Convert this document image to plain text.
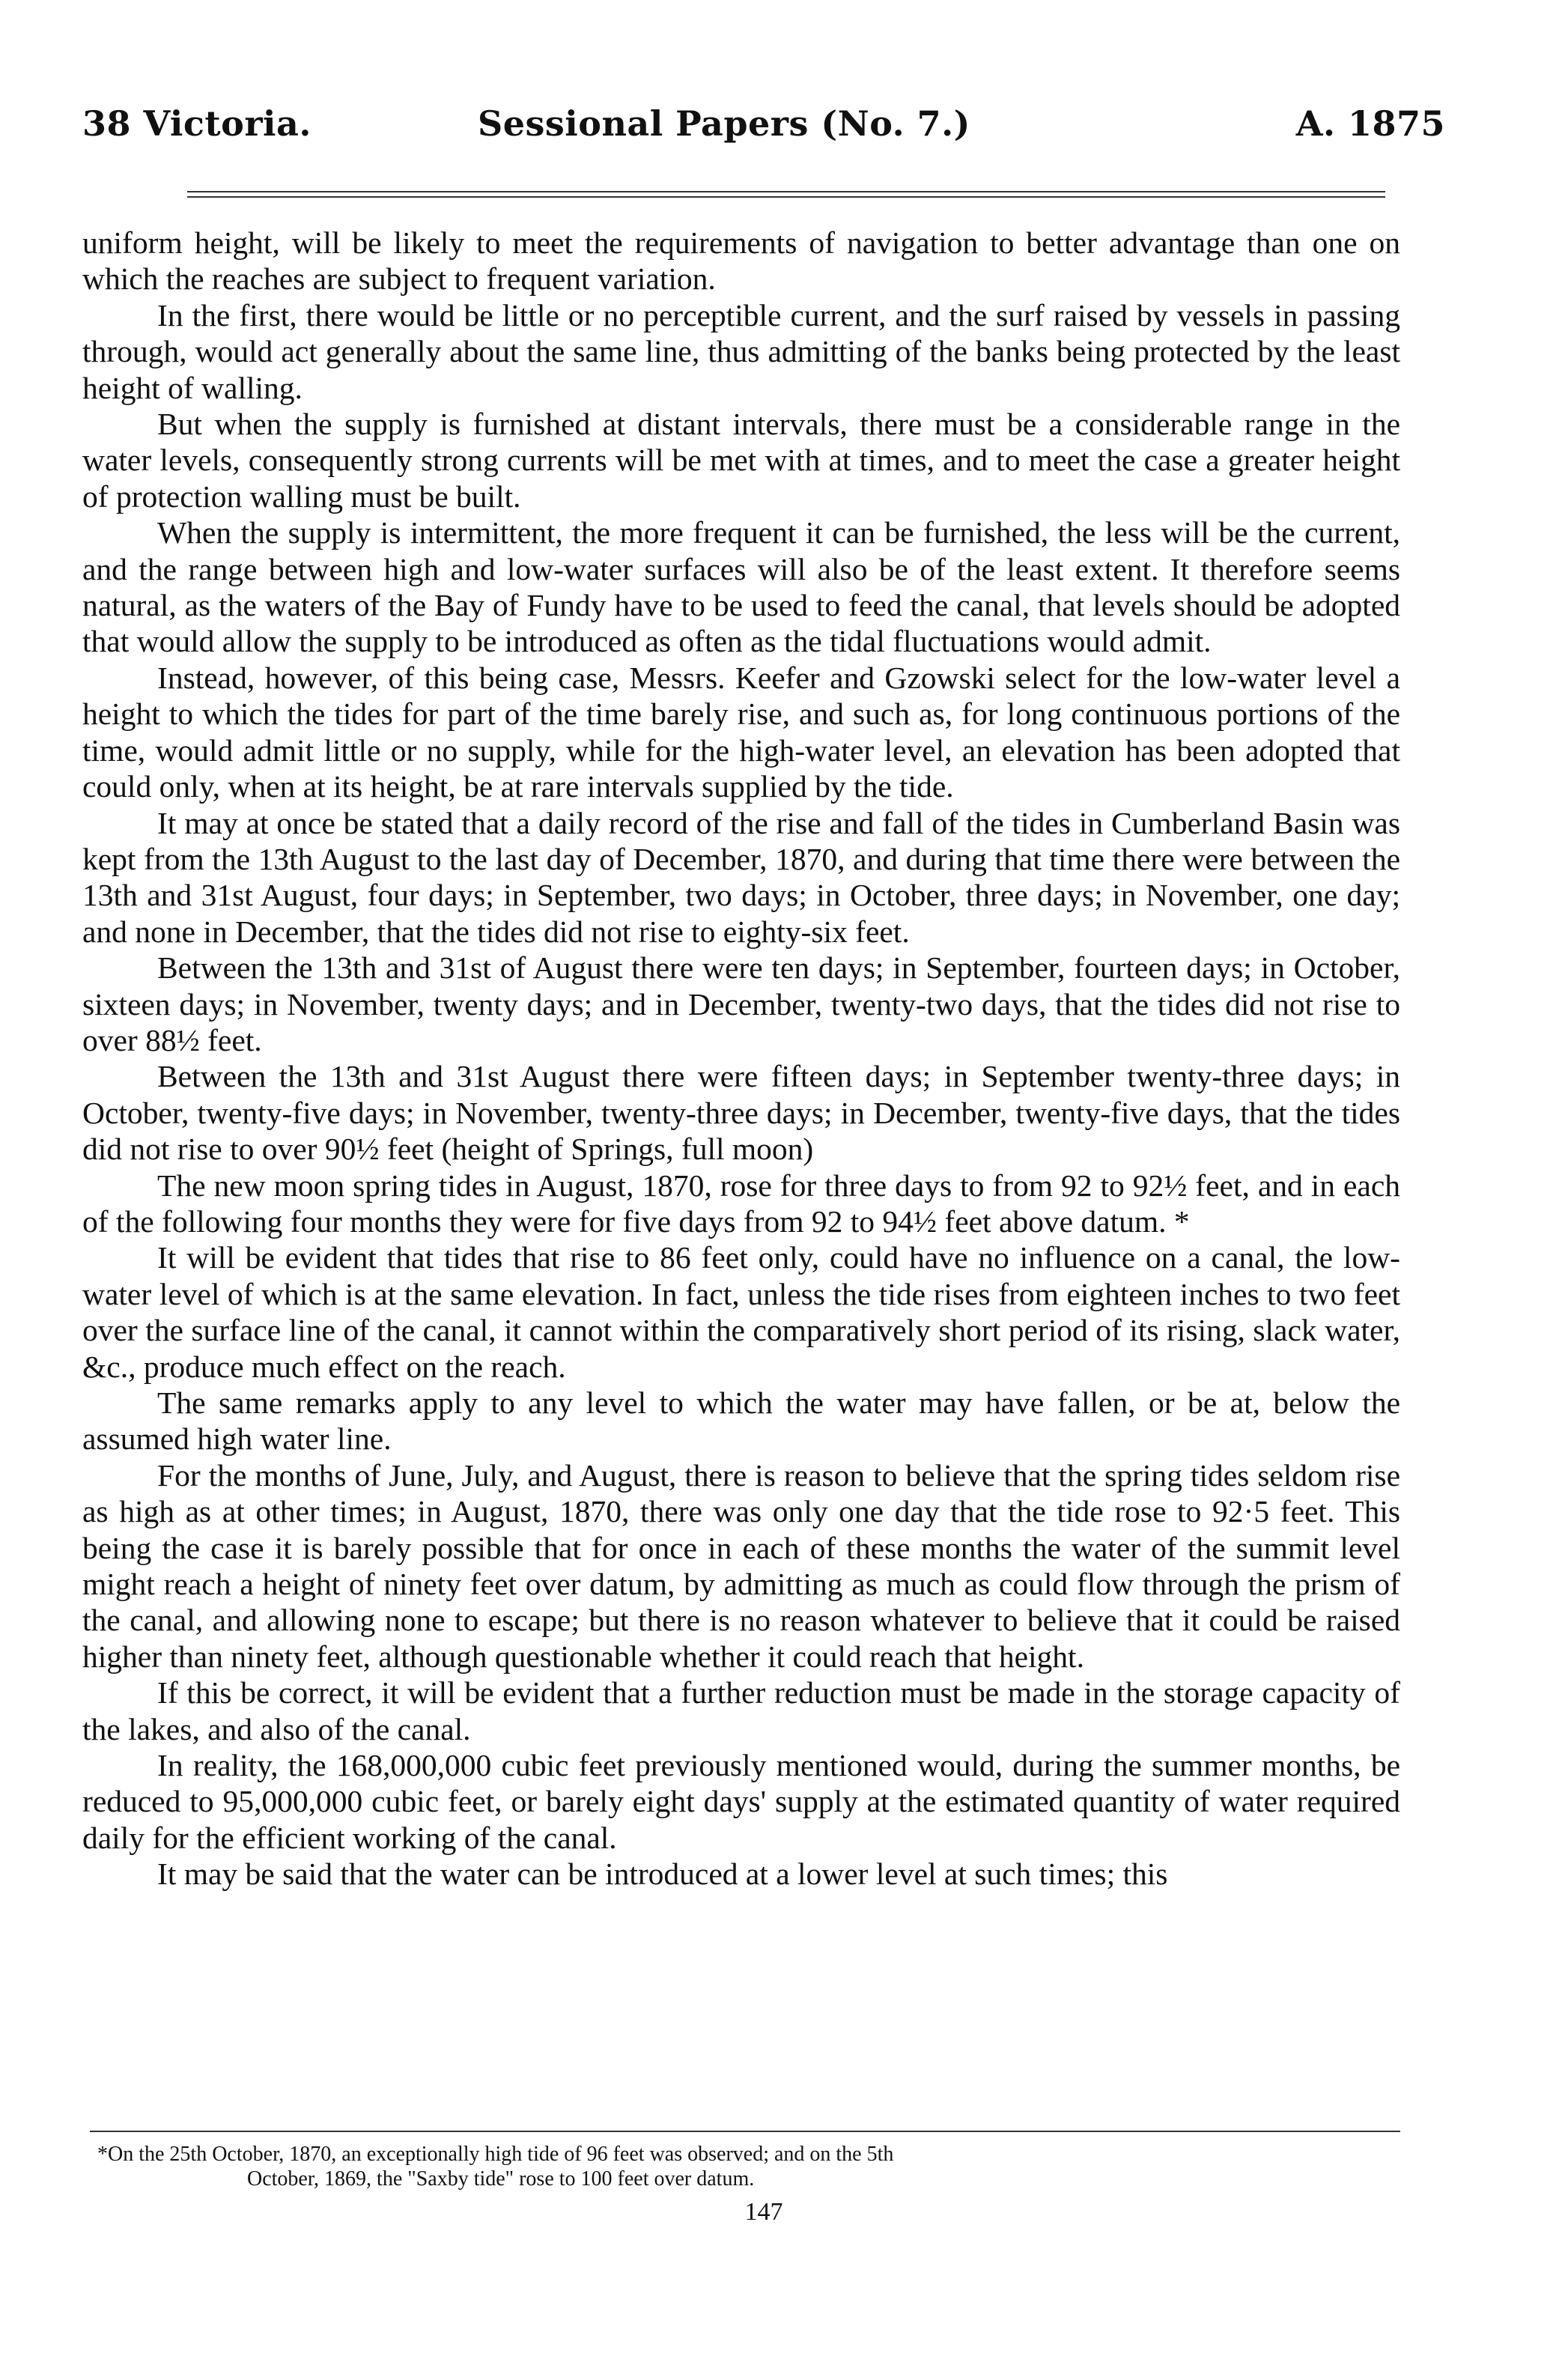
38 Victoria.	Sessional Papers (No. 7.)	A. 1875

uniform height, will be likely to meet the requirements of navigation to better advantage than one on which the reaches are subject to frequent variation.

In the first, there would be little or no perceptible current, and the surf raised by vessels in passing through, would act generally about the same line, thus admitting of the banks being protected by the least height of walling.

But when the supply is furnished at distant intervals, there must be a considerable range in the water levels, consequently strong currents will be met with at times, and to meet the case a greater height of protection walling must be built.

When the supply is intermittent, the more frequent it can be furnished, the less will be the current, and the range between high and low-water surfaces will also be of the least extent. It therefore seems natural, as the waters of the Bay of Fundy have to be used to feed the canal, that levels should be adopted that would allow the supply to be introduced as often as the tidal fluctuations would admit.

Instead, however, of this being case, Messrs. Keefer and Gzowski select for the low-water level a height to which the tides for part of the time barely rise, and such as, for long continuous portions of the time, would admit little or no supply, while for the high-water level, an elevation has been adopted that could only, when at its height, be at rare intervals supplied by the tide.

It may at once be stated that a daily record of the rise and fall of the tides in Cumberland Basin was kept from the 13th August to the last day of December, 1870, and during that time there were between the 13th and 31st August, four days; in September, two days; in October, three days; in November, one day; and none in December, that the tides did not rise to eighty-six feet.

Between the 13th and 31st of August there were ten days; in September, fourteen days; in October, sixteen days; in November, twenty days; and in December, twenty-two days, that the tides did not rise to over 88½ feet.

Between the 13th and 31st August there were fifteen days; in September twenty-three days; in October, twenty-five days; in November, twenty-three days; in December, twenty-five days, that the tides did not rise to over 90½ feet (height of Springs, full moon)

The new moon spring tides in August, 1870, rose for three days to from 92 to 92½ feet, and in each of the following four months they were for five days from 92 to 94½ feet above datum. *

It will be evident that tides that rise to 86 feet only, could have no influence on a canal, the low-water level of which is at the same elevation. In fact, unless the tide rises from eighteen inches to two feet over the surface line of the canal, it cannot within the comparatively short period of its rising, slack water, &c., produce much effect on the reach.

The same remarks apply to any level to which the water may have fallen, or be at, below the assumed high water line.

For the months of June, July, and August, there is reason to believe that the spring tides seldom rise as high as at other times; in August, 1870, there was only one day that the tide rose to 92·5 feet. This being the case it is barely possible that for once in each of these months the water of the summit level might reach a height of ninety feet over datum, by admitting as much as could flow through the prism of the canal, and allowing none to escape; but there is no reason whatever to believe that it could be raised higher than ninety feet, although questionable whether it could reach that height.

If this be correct, it will be evident that a further reduction must be made in the storage capacity of the lakes, and also of the canal.

In reality, the 168,000,000 cubic feet previously mentioned would, during the summer months, be reduced to 95,000,000 cubic feet, or barely eight days' supply at the estimated quantity of water required daily for the efficient working of the canal.

It may be said that the water can be introduced at a lower level at such times; this

*On the 25th October, 1870, an exceptionally high tide of 96 feet was observed; and on the 5th
October, 1869, the "Saxby tide" rose to 100 feet over datum.
147
